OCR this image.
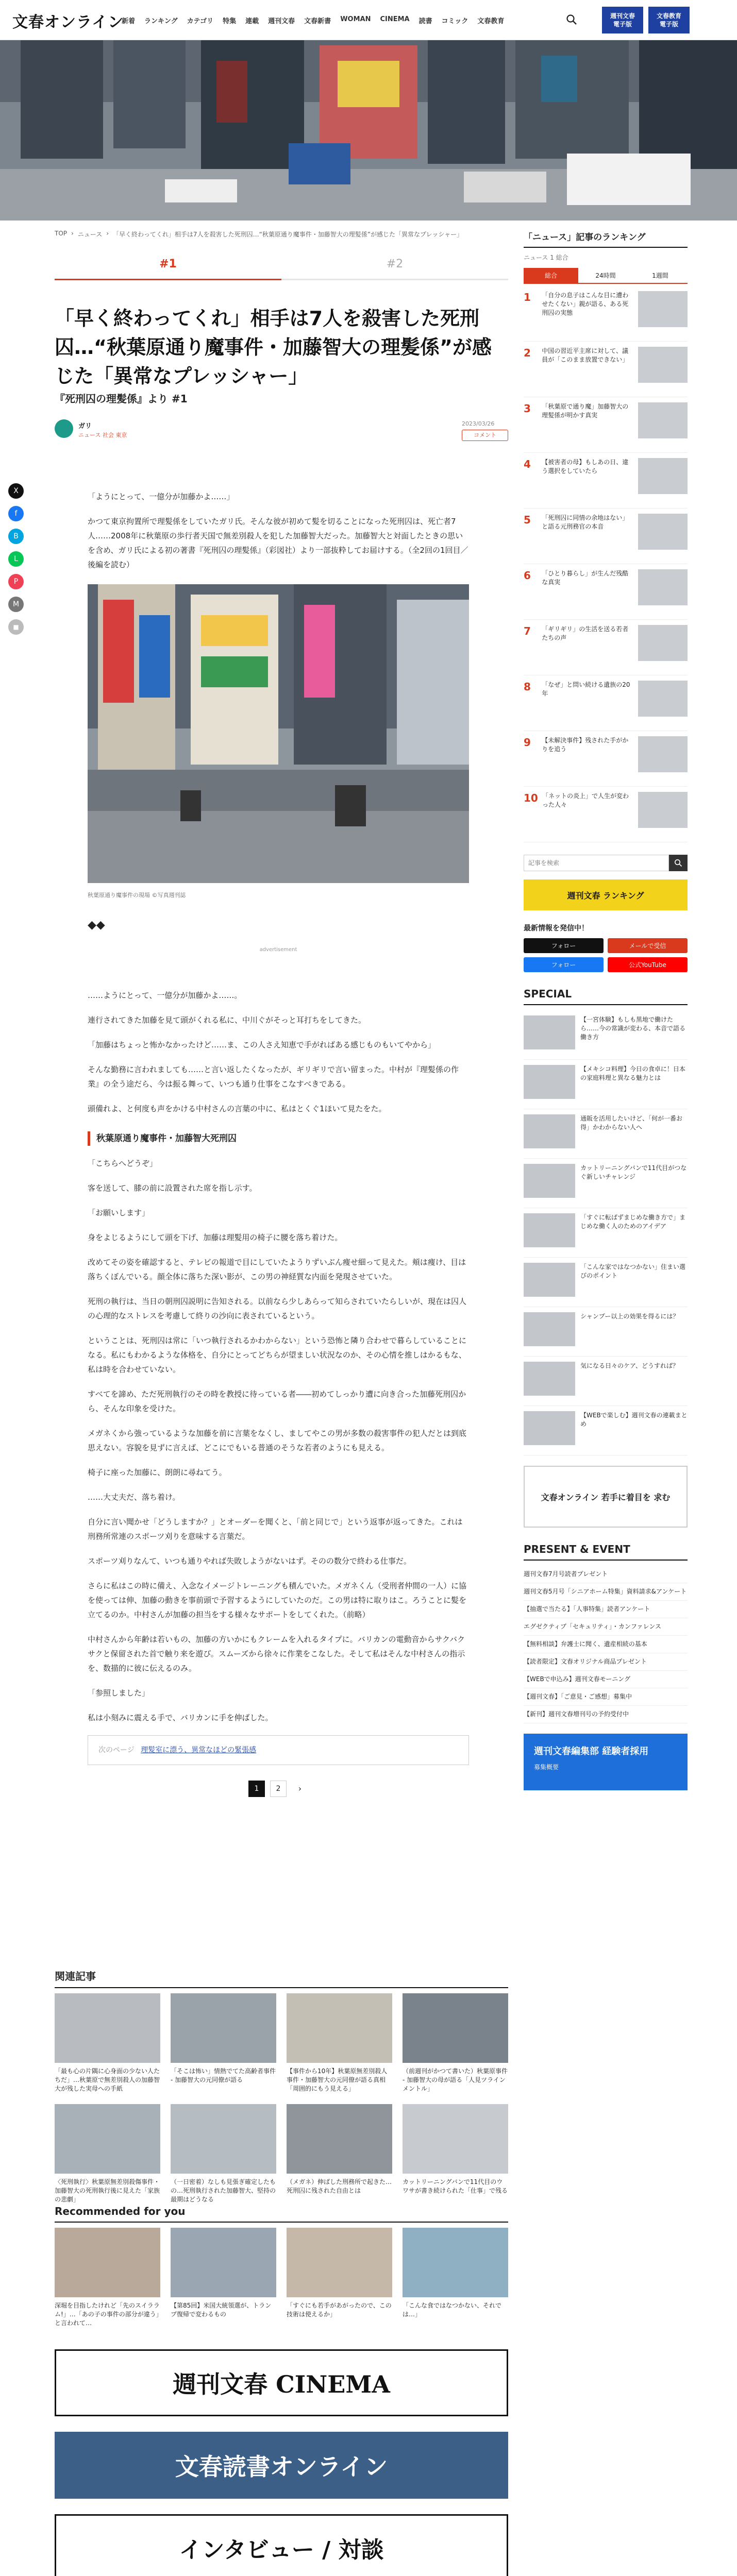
文春オンライン
新着 ランキング カテゴリ 特集 連載 週刊文春 文春新書 WOMAN CINEMA 読書 コミック 文春教育
週刊文春
電子版
文春教育
電子版
TOP › ニュース › 「早く終わってくれ」相手は7人を殺害した死刑囚…“秋葉原通り魔事件・加藤智大の理髪係”が感じた「異常なプレッシャー」
#1	#2
「早く終わってくれ」相手は7人を殺害した死刑囚…“秋葉原通り魔事件・加藤智大の理髪係”が感じた「異常なプレッシャー」
『死刑囚の理髪係』より #1
ガリ
ニュース 社会 東京
2023/03/26
コメント
X
f
B
L
P
M
■

「ようにとって、一億分が加藤かよ……」

かつて東京拘置所で理髪係をしていたガリ氏。そんな彼が初めて髪を切ることになった死刑囚は、死亡者7人……2008年に秋葉原の歩行者天国で無差別殺人を犯した加藤智大だった。加藤智大と対面したときの思いを含め、ガリ氏による初の著書『死刑囚の理髪係』（彩図社）より一部抜粋してお届けする。（全2回の1回目／後編を読む）

秋葉原通り魔事件の現場 ©写真週刊誌
◆◆
advertisement

……ようにとって、一億分が加藤かよ……。

連行されてきた加藤を見て頭がくれる私に、中川ぐがそっと耳打ちをしてきた。

「加藤はちょっと怖かなかったけど……ま、この人さえ知恵で手がればある感じものもいてやから」

そんな勤務に言われましても……と言い返したくなったが、ギリギリで言い留まった。中村が『理髪係の作業』の全う途だら、今は振る舞って、いつも通り仕事をこなすべきである。

頭備れよ、と何度も声をかける中村さんの言葉の中に、私はとくぐ1ほいて見たをた。

秋葉原通り魔事件・加藤智大死刑囚

「こちらへどうぞ」

客を送して、膝の前に設置された席を指し示す。

「お願いします」

身をよじるようにして頭を下げ、加藤は理髪用の椅子に腰を落ち着けた。

改めてその姿を確認すると、テレビの報道で目にしていたようりずいぶん痩せ細って見えた。頬は痩け、目は落ちくぼんでいる。顔全体に落ちた深い影が、この男の神経質な内面を発現させていた。

死刑の執行は、当日の朝刑囚説明に告知される。以前なら少しあらって知らされていたらしいが、現在は囚人の心理的なストレスを考慮して終りの沙向に表されているという。

ということは、死刑囚は常に「いつ執行されるかわからない」という恐怖と隣り合わせで暮らしていることになる。私にもわかるような体格を、自分にとってどちらが望ましい状況なのか、その心情を推しはかるもな、私は時を合わせていない。

すべてを諦め、ただ死刑執行のその時を教授に待っている者――初めてしっかり遭に向き合った加藤死刑囚から、そんな印象を受けた。

メガネくから強っているような加藤を前に言葉をなくし、ましてやこの男が多数の殺害事件の犯人だとは到底思えない。容貌を見ずに言えば、どこにでもいる普通のそうな若者のようにも見える。

椅子に座った加藤に、朗朗に尋ねてう。

……大丈夫だ、落ち着け。

自分に言い聞かせ「どうしますか？」とオーダーを聞くと、「前と同じで」という返事が返ってきた。これは刑務所常連のスポーツ刈りを意味する言葉だ。

スポーツ刈りなんて、いつも通りやれば失敗しようがないはず。そのの数分で終わる仕事だ。

さらに私はこの時に備え、入念なイメージトレーニングも積んでいた。メガネくん（受刑者仲間の一人）に協を使っては伸、加藤の動きを事前頭で予習するようにしていたのだ。この男は特に取りはこ。ろうことに髪を立てるのか。中村さんが加藤の担当をする様々なサポートをしてくれた。（前略）

中村さんから年齢は若いもの、加藤の方いかにもクレームを入れるタイプに。バリカンの電動音からサクバクサクと保留された首で触り来を遊び。スムーズから徐々に作業をこなした。そして私はそんな中村さんの指示を、数描的に彼に伝えるのみ。

「参照しました」

私は小刻みに震える手で、バリカンに手を伸ばした。

次のページ 理髪室に漂う、異常なほどの緊張感
1	2	›
関連記事
「最も心の片隅に心身面の少ない人たちだ」…秋葉原で無差別殺人の加藤智大が残した実母への手紙
「そこは怖い」情熱でてた高齢者事件 - 加藤智大の元同僚が語る
【事件から10年】秋葉原無差別殺人事件・加藤智大の元同僚が語る真相「周囲的にもう見える」
（前週刊がかつて書いた）秋葉原事件 - 加藤智大の母が語る「人見ツラインメントル」
〈死刑執行〉秋葉原無差別殺傷事件・加藤智大の死刑執行後に見えた「家族の悲劇」
（一日密着）なしも見張ぎ確定したもの…死刑執行された加藤智大、堅持の最期はどうなる
（メガネ）伸ばした刑務所で起きた…死刑囚に残された自由とは
カットリーニングバンで11代目のウワサが書き続けられた「仕事」で残る
Recommended for you
深堀を目指したけれど「先のスイララム!」…「あの子の事件の部分が違う」と言われて…
【第85回】米国大統領選が、トランプ復帰で変わるもの
「すぐにも若手があがったので、この技術は使えるか」
「こんな食ではなつかない、それでは…」
週刊文春 CINEMA
文春読書オンライン
インタビュー / 対談
「ニュース」記事のランキング
ニュース 1 総合
総合	24時間	1週間
1	「自分の息子はこんな目に遭わせたくない」親が語る、ある死刑囚の実態
2	中国の習近平主席に対して、議員が「このまま放置できない」
3	「秋葉原で通り魔」加藤智大の理髪係が明かす真実
4	【被害者の母】もしあの日、違う選択をしていたら
5	「死刑囚に同情の余地はない」と語る元刑務官の本音
6	「ひとり暮らし」が生んだ残酷な真実
7	「ギリギリ」の生活を送る若者たちの声
8	「なぜ」と問い続ける遺族の20年
9	【未解決事件】残された手がかりを追う
10 「ネットの炎上」で人生が変わった人々
記事を検索
週刊文春 ランキング
最新情報を発信中！
フォロー	メールで受信
フォロー	公式YouTube
SPECIAL
【一宮体験】もしも黒地で働けたら……今の常識が変わる、本音で語る働き方
【メキシコ料理】今日の食卓に！日本の家庭料理と異なる魅力とは
通販を活用したいけど、「何が一番お得」かわからない人へ
カットリーニングバンで11代目がつなぐ新しいチャレンジ
「すぐに転ばずまじめな働き方で」まじめな働く人のためのアイデア
「こんな家ではなつかない」住まい選びのポイント
シャンプー以上の効果を得るには？
気になる日々のケア、どうすれば？
【WEBで楽しむ】週刊文春の連載まとめ
文春オンライン 若手に着目を 求む
PRESENT & EVENT
週刊文春7月号読者プレゼント
週刊文春5月号「シニアホーム特集」資料請求&アンケート
【抽選で当たる】「人事特集」読者アンケート
エグゼクティブ「セキュリティ」・カンファレンス
【無料相談】弁護士に聞く、遺産相続の基本
【読者限定】文春オリジナル商品プレゼント
【WEBで申込み】週刊文春モーニング
【週刊文春】「ご意見・ご感想」募集中
【新刊】週刊文春増刊号の予約受付中
週刊文春編集部 経験者採用
募集概要
